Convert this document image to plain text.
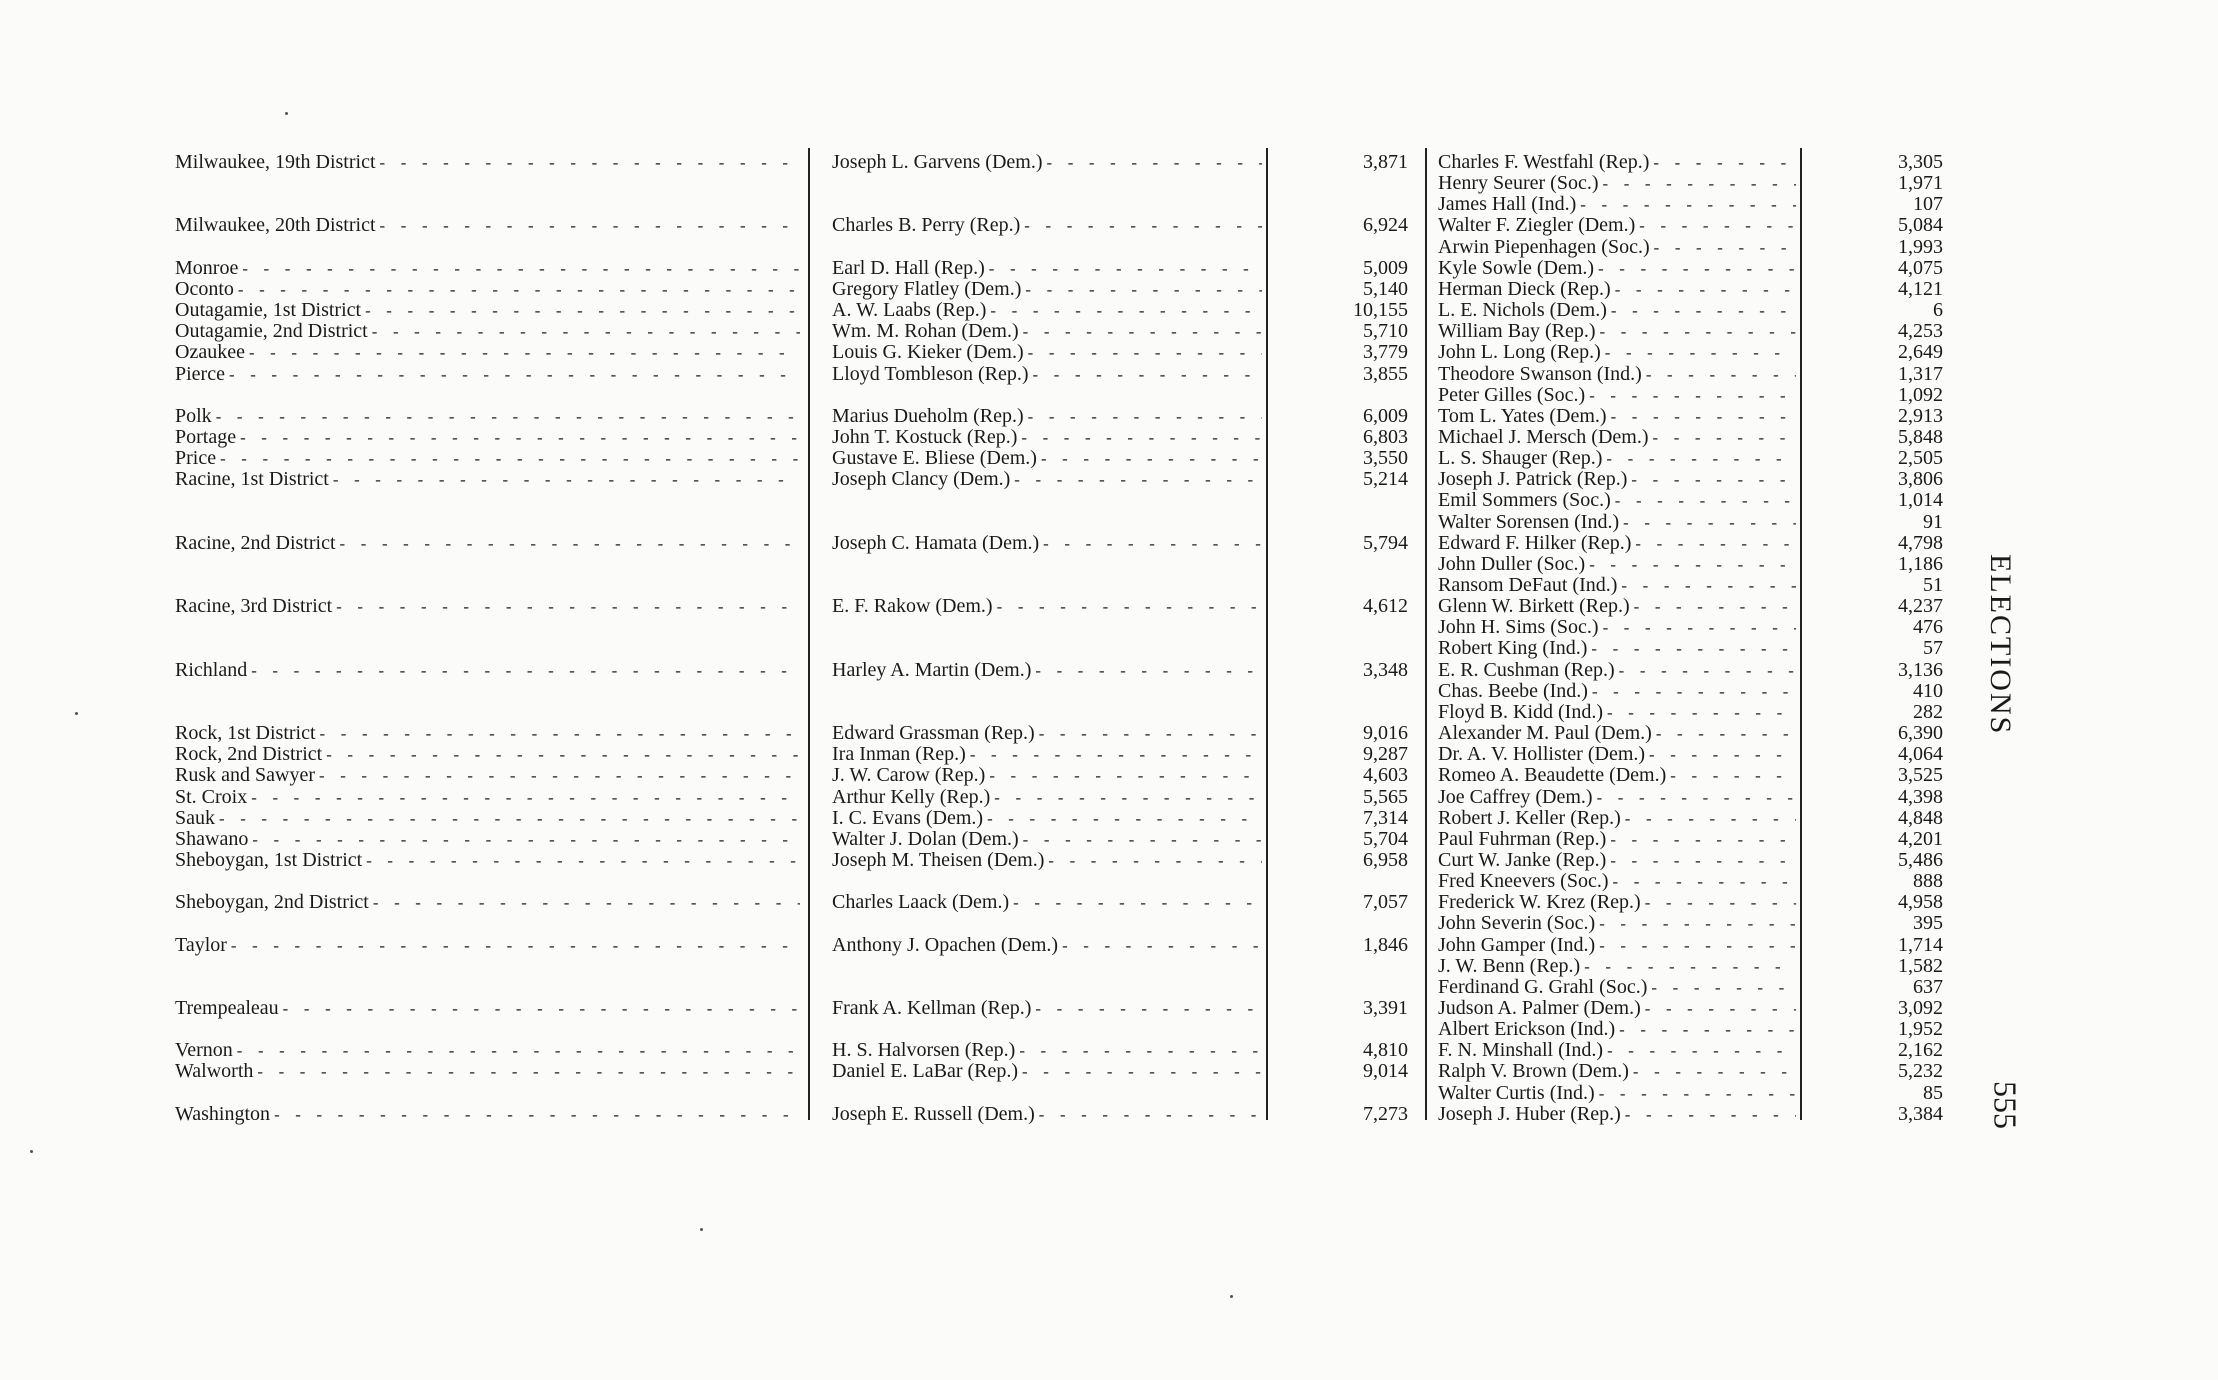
Milwaukee, 19th District - - -	Joseph L. Garvens (Dem.) - - -	3,871 Charles F. Westfahl (Rep.) - - -	3,305
Henry Seurer (Soc.) - - -	1,971
James Hall (Ind.) - - -	107
Milwaukee, 20th District - - -	Charles B. Perry (Rep.) - - -	6,924 Walter F. Ziegler (Dem.) - - -	5,084
Arwin Piepenhagen (Soc.) - - -	1,993
Monroe - - -	Earl D. Hall (Rep.) - - -	5,009 Kyle Sowle (Dem.) - - -	4,075
Oconto - - -	Gregory Flatley (Dem.) - - -	5,140 Herman Dieck (Rep.) - - -	4,121
Outagamie, 1st District - - -	A. W. Laabs (Rep.) - - -	10,155 L. E. Nichols (Dem.) - - -	6
Outagamie, 2nd District - - -	Wm. M. Rohan (Dem.) - - -	5,710 William Bay (Rep.) - - -	4,253
Ozaukee - - -	Louis G. Kieker (Dem.) - - -	3,779 John L. Long (Rep.) - - -	2,649
Pierce - - -	Lloyd Tombleson (Rep.) - - -	3,855 Theodore Swanson (Ind.) - - -	1,317
Peter Gilles (Soc.) - - -	1,092
Polk - - -	Marius Dueholm (Rep.) - - -	6,009 Tom L. Yates (Dem.) - - -	2,913
Portage - - -	John T. Kostuck (Rep.) - - -	6,803 Michael J. Mersch (Dem.) - - -	5,848
Price - - -	Gustave E. Bliese (Dem.) - - -	3,550 L. S. Shauger (Rep.) - - -	2,505
Racine, 1st District - - -	Joseph Clancy (Dem.) - - -	5,214 Joseph J. Patrick (Rep.) - - -	3,806
Emil Sommers (Soc.) - - -	1,014
Walter Sorensen (Ind.) - - -	91
Racine, 2nd District - - -	Joseph C. Hamata (Dem.) - - -	5,794 Edward F. Hilker (Rep.) - - -	4,798
John Duller (Soc.) - - -	1,186
Ransom DeFaut (Ind.) - - -	51
Racine, 3rd District - - -	E. F. Rakow (Dem.) - - -	4,612 Glenn W. Birkett (Rep.) - - -	4,237
John H. Sims (Soc.) - - -	476
Robert King (Ind.) - - -	57
Richland - - -	Harley A. Martin (Dem.) - - -	3,348 E. R. Cushman (Rep.) - - -	3,136
Chas. Beebe (Ind.) - - -	410
Floyd B. Kidd (Ind.) - - -	282
Rock, 1st District - - -	Edward Grassman (Rep.) - - -	9,016 Alexander M. Paul (Dem.) - - -	6,390
Rock, 2nd District - - -	Ira Inman (Rep.) - - -	9,287 Dr. A. V. Hollister (Dem.) - - -	4,064
Rusk and Sawyer - - -	J. W. Carow (Rep.) - - -	4,603 Romeo A. Beaudette (Dem.) - - -	3,525
St. Croix - - -	Arthur Kelly (Rep.) - - -	5,565 Joe Caffrey (Dem.) - - -	4,398
Sauk - - -	I. C. Evans (Dem.) - - -	7,314 Robert J. Keller (Rep.) - - -	4,848
Shawano - - -	Walter J. Dolan (Dem.) - - -	5,704 Paul Fuhrman (Rep.) - - -	4,201
Sheboygan, 1st District - - -	Joseph M. Theisen (Dem.) - - -	6,958 Curt W. Janke (Rep.) - - -	5,486
Fred Kneevers (Soc.) - - -	888
Sheboygan, 2nd District - - -	Charles Laack (Dem.) - - -	7,057 Frederick W. Krez (Rep.) - - -	4,958
John Severin (Soc.) - - -	395
Taylor - - -	Anthony J. Opachen (Dem.) - - -	1,846 John Gamper (Ind.) - - -	1,714
J. W. Benn (Rep.) - - -	1,582
Ferdinand G. Grahl (Soc.) - - -	637
Trempealeau - - -	Frank A. Kellman (Rep.) - - -	3,391 Judson A. Palmer (Dem.) - - -	3,092
Albert Erickson (Ind.) - - -	1,952
Vernon - - -	H. S. Halvorsen (Rep.) - - -	4,810 F. N. Minshall (Ind.) - - -	2,162
Walworth - - -	Daniel E. LaBar (Rep.) - - -	9,014 Ralph V. Brown (Dem.) - - -	5,232
Walter Curtis (Ind.) - - -	85
Washington - - -	Joseph E. Russell (Dem.) - - -	7,273 Joseph J. Huber (Rep.) - - -	3,384
ELECTIONS
555
